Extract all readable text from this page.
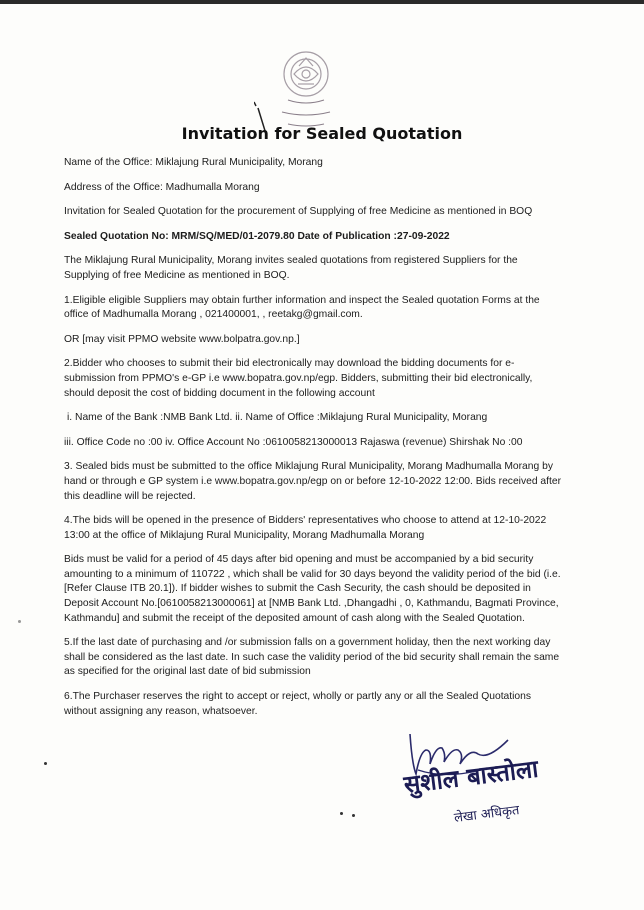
Invitation for Sealed Quotation

Name of the Office: Miklajung Rural Municipality, Morang

Address of the Office: Madhumalla Morang

Invitation for Sealed Quotation for the procurement of Supplying of free Medicine as mentioned in BOQ

Sealed Quotation No: MRM/SQ/MED/01-2079.80 Date of Publication :27-09-2022

The Miklajung Rural Municipality, Morang invites sealed quotations from registered Suppliers for the Supplying of free Medicine as mentioned in BOQ.

1.Eligible eligible Suppliers may obtain further information and inspect the Sealed quotation Forms at the office of Madhumalla Morang , 021400001, , reetakg@gmail.com.

OR [may visit PPMO website www.bolpatra.gov.np.]

2.Bidder who chooses to submit their bid electronically may download the bidding documents for e-submission from PPMO's e-GP i.e www.bopatra.gov.np/egp. Bidders, submitting their bid electronically, should deposit the cost of bidding document in the following account

i. Name of the Bank :NMB Bank Ltd. ii. Name of Office :Miklajung Rural Municipality, Morang

iii. Office Code no :00 iv. Office Account No :0610058213000013 Rajaswa (revenue) Shirshak No :00

3. Sealed bids must be submitted to the office Miklajung Rural Municipality, Morang Madhumalla Morang by hand or through e GP system i.e www.bopatra.gov.np/egp on or before 12-10-2022 12:00. Bids received after this deadline will be rejected.

4.The bids will be opened in the presence of Bidders' representatives who choose to attend at 12-10-2022 13:00 at the office of Miklajung Rural Municipality, Morang Madhumalla Morang

Bids must be valid for a period of 45 days after bid opening and must be accompanied by a bid security amounting to a minimum of 110722 , which shall be valid for 30 days beyond the validity period of the bid (i.e. [Refer Clause ITB 20.1]). If bidder wishes to submit the Cash Security, the cash should be deposited in Deposit Account No.[0610058213000061] at [NMB Bank Ltd. ,Dhangadhi , 0, Kathmandu, Bagmati Province, Kathmandu] and submit the receipt of the deposited amount of cash along with the Sealed Quotation.

5.If the last date of purchasing and /or submission falls on a government holiday, then the next working day shall be considered as the last date. In such case the validity period of the bid security shall remain the same as specified for the original last date of bid submission

6.The Purchaser reserves the right to accept or reject, wholly or partly any or all the Sealed Quotations without assigning any reason, whatsoever.

सुशील बास्तोला
लेखा अधिकृत
